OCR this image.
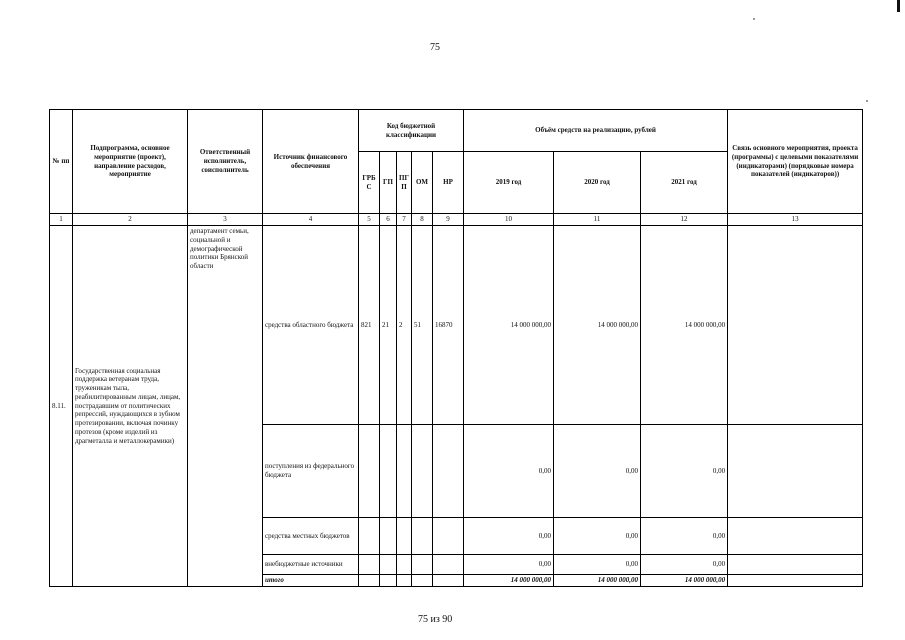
75
№ пп	Подпрограмма, основное мероприятие (проект), направление расходов, мероприятие	Ответственный исполнитель, соисполнитель	Источник финансового обеспечения	Код бюджетной классификации					Объём средств на реализацию, рублей			Связь основного мероприятия, проекта (программы) с целевыми показателями (индикаторами) (порядковые номера показателей (индикаторов))
				ГРБ С	ГП	ПГ П	ОМ	НР	2019 год	2020 год	2021 год	
1	2	3	4	5	6	7	8	9	10	11	12	13
8.11.	Государственная социальная поддержка ветеранам труда, труженикам тыла, реабилитированным лицам, лицам, пострадавшим от политических репрессий, нуждающихся в зубном протезировании, включая починку протезов (кроме изделий из драгметалла и металлокерамики)	департамент семьи, социальной и демографической политики Брянской области	средства областного бюджета	821	21	2	51	16870	14 000 000,00	14 000 000,00	14 000 000,00	
			поступления из федерального бюджета						0,00	0,00	0,00	
			средства местных бюджетов						0,00	0,00	0,00	
			внебюджетные источники						0,00	0,00	0,00	
			итого						14 000 000,00	14 000 000,00	14 000 000,00	
75 из 90
